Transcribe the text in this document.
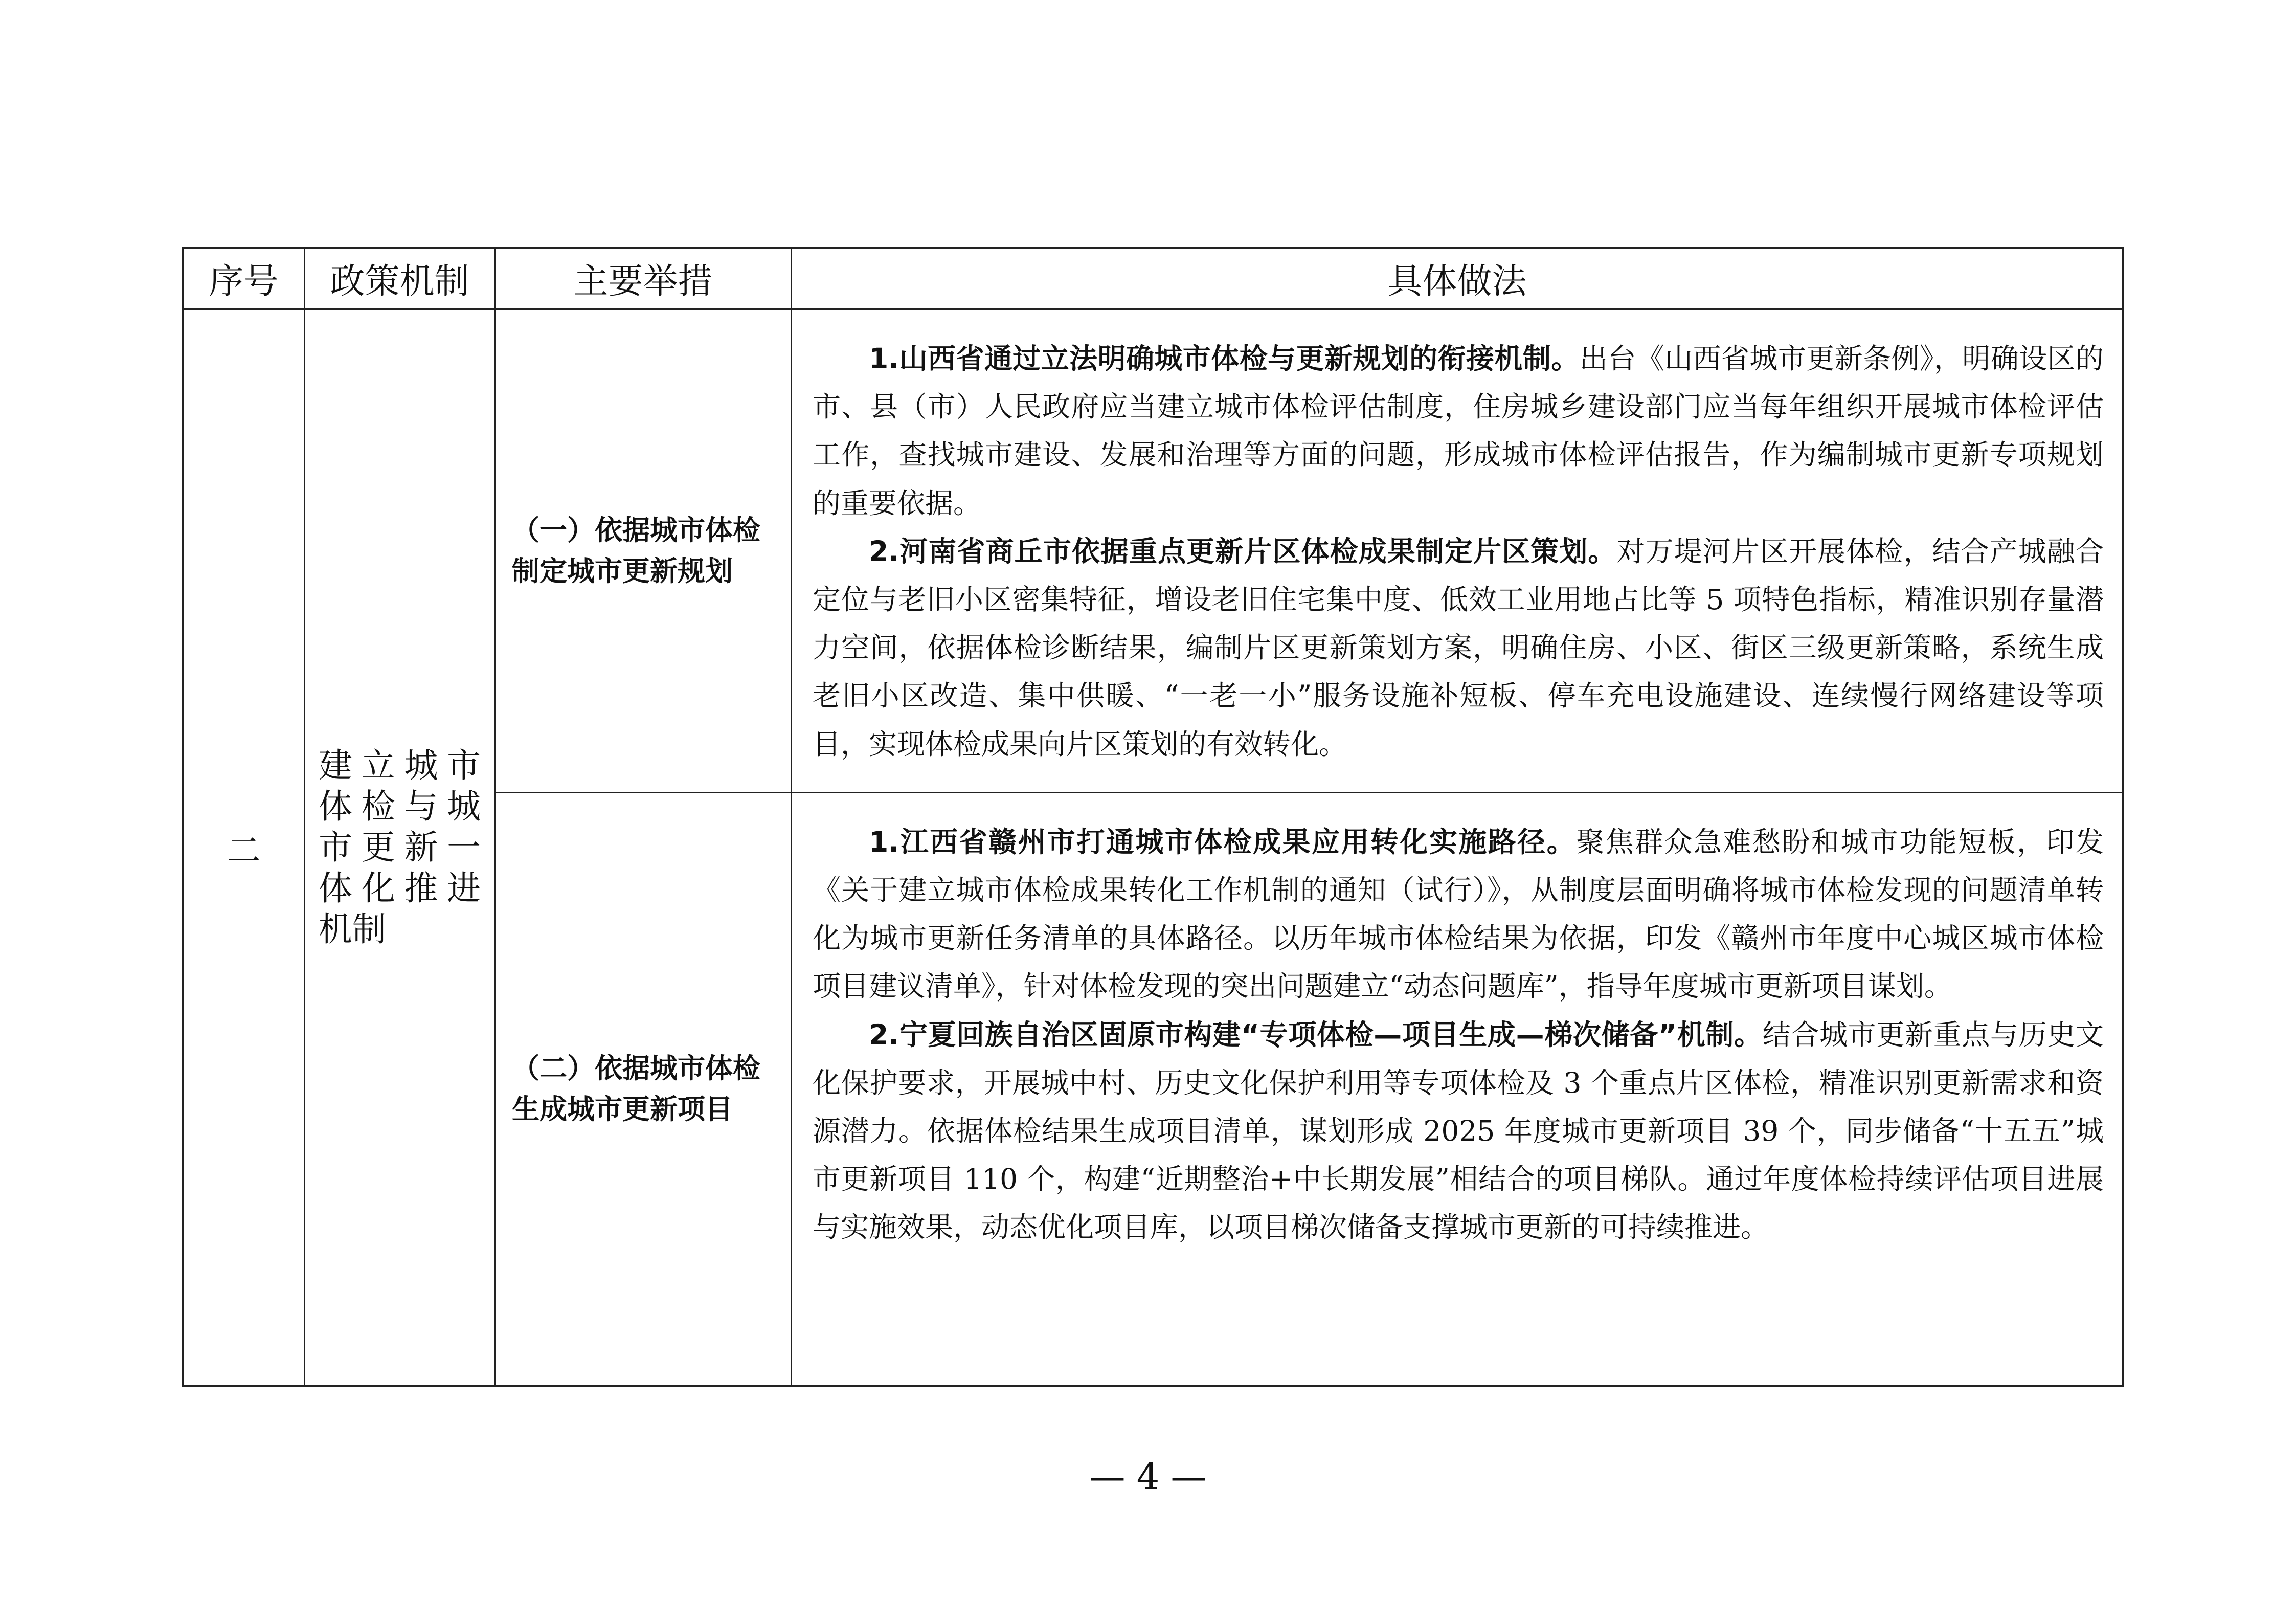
序号	政策机制	主要举措	具体做法
二	建立城市体检与城市更新一体化推进机制	（一）依据城市体检制定城市更新规划	1.山西省通过立法明确城市体检与更新规划的衔接机制。出台《山西省城市更新条例》，明确设区的市、县（市）人民政府应当建立城市体检评估制度，住房城乡建设部门应当每年组织开展城市体检评估工作，查找城市建设、发展和治理等方面的问题，形成城市体检评估报告，作为编制城市更新专项规划的重要依据。

2.河南省商丘市依据重点更新片区体检成果制定片区策划。对万堤河片区开展体检，结合产城融合定位与老旧小区密集特征，增设老旧住宅集中度、低效工业用地占比等 5 项特色指标，精准识别存量潜力空间，依据体检诊断结果，编制片区更新策划方案，明确住房、小区、街区三级更新策略，系统生成老旧小区改造、集中供暖、“一老一小”服务设施补短板、停车充电设施建设、连续慢行网络建设等项目，实现体检成果向片区策划的有效转化。

		（二）依据城市体检生成城市更新项目	1.江西省赣州市打通城市体检成果应用转化实施路径。聚焦群众急难愁盼和城市功能短板，印发《关于建立城市体检成果转化工作机制的通知（试行）》，从制度层面明确将城市体检发现的问题清单转化为城市更新任务清单的具体路径。以历年城市体检结果为依据，印发《赣州市年度中心城区城市体检项目建议清单》，针对体检发现的突出问题建立“动态问题库”，指导年度城市更新项目谋划。

2.宁夏回族自治区固原市构建“专项体检—项目生成—梯次储备”机制。结合城市更新重点与历史文化保护要求，开展城中村、历史文化保护利用等专项体检及 3 个重点片区体检，精准识别更新需求和资源潜力。依据体检结果生成项目清单，谋划形成 2025 年度城市更新项目 39 个，同步储备“十五五”城市更新项目 110 个，构建“近期整治+中长期发展”相结合的项目梯队。通过年度体检持续评估项目进展与实施效果，动态优化项目库，以项目梯次储备支撑城市更新的可持续推进。

— 4 —
